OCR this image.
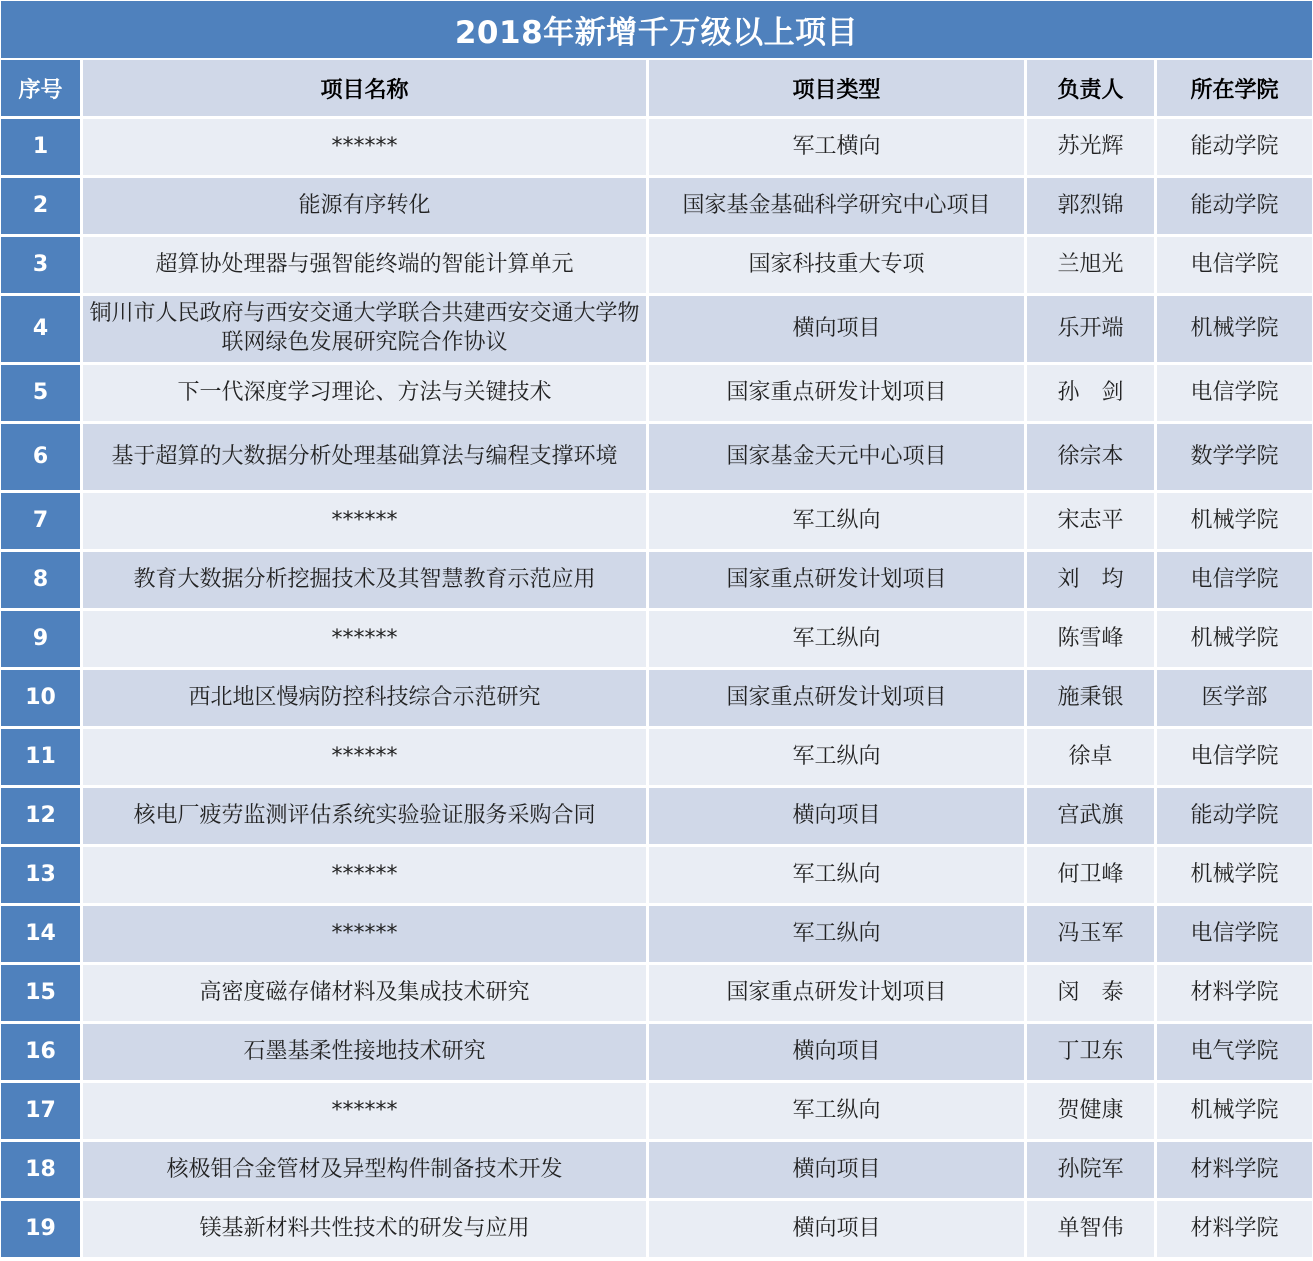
2018年新增千万级以上项目
序号	项目名称	项目类型	负责人	所在学院
1	******	军工横向	苏光辉	能动学院
2	能源有序转化	国家基金基础科学研究中心项目	郭烈锦	能动学院
3	超算协处理器与强智能终端的智能计算单元	国家科技重大专项	兰旭光	电信学院
4	铜川市人民政府与西安交通大学联合共建西安交通大学物联网绿色发展研究院合作协议	横向项目	乐开端	机械学院
5	下一代深度学习理论、方法与关键技术	国家重点研发计划项目	孙　剑	电信学院
6	基于超算的大数据分析处理基础算法与编程支撑环境	国家基金天元中心项目	徐宗本	数学学院
7	******	军工纵向	宋志平	机械学院
8	教育大数据分析挖掘技术及其智慧教育示范应用	国家重点研发计划项目	刘　均	电信学院
9	******	军工纵向	陈雪峰	机械学院
10	西北地区慢病防控科技综合示范研究	国家重点研发计划项目	施秉银	医学部
11	******	军工纵向	徐卓	电信学院
12	核电厂疲劳监测评估系统实验验证服务采购合同	横向项目	宫武旗	能动学院
13	******	军工纵向	何卫峰	机械学院
14	******	军工纵向	冯玉军	电信学院
15	高密度磁存储材料及集成技术研究	国家重点研发计划项目	闵　泰	材料学院
16	石墨基柔性接地技术研究	横向项目	丁卫东	电气学院
17	******	军工纵向	贺健康	机械学院
18	核极钼合金管材及异型构件制备技术开发	横向项目	孙院军	材料学院
19	镁基新材料共性技术的研发与应用	横向项目	单智伟	材料学院
